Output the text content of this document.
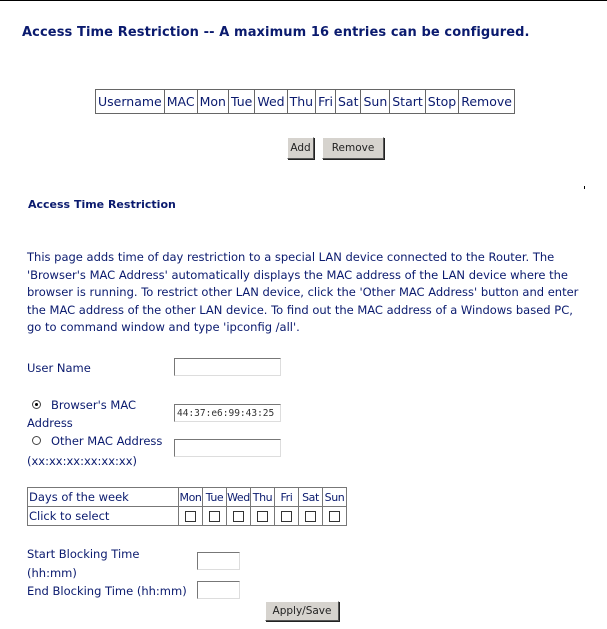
Access Time Restriction -- A maximum 16 entries can be configured.
Username	MAC	Mon	Tue	Wed	Thu	Fri	Sat	Sun	Start	Stop	Remove
Add	Remove
Access Time Restriction
This page adds time of day restriction to a special LAN device connected to the Router. The 'Browser's MAC Address' automatically displays the MAC address of the LAN device where the browser is running. To restrict other LAN device, click the 'Other MAC Address' button and enter the MAC address of the other LAN device. To find out the MAC address of a Windows based PC, go to command window and type 'ipconfig /all'.
User Name
Browser's MAC
Address
44:37:e6:99:43:25
Other MAC Address
(xx:xx:xx:xx:xx:xx)
Days of the week	Mon	Tue	Wed	Thu	Fri	Sat	Sun
Click to select							
Start Blocking Time
(hh:mm)
End Blocking Time (hh:mm)
Apply/Save
